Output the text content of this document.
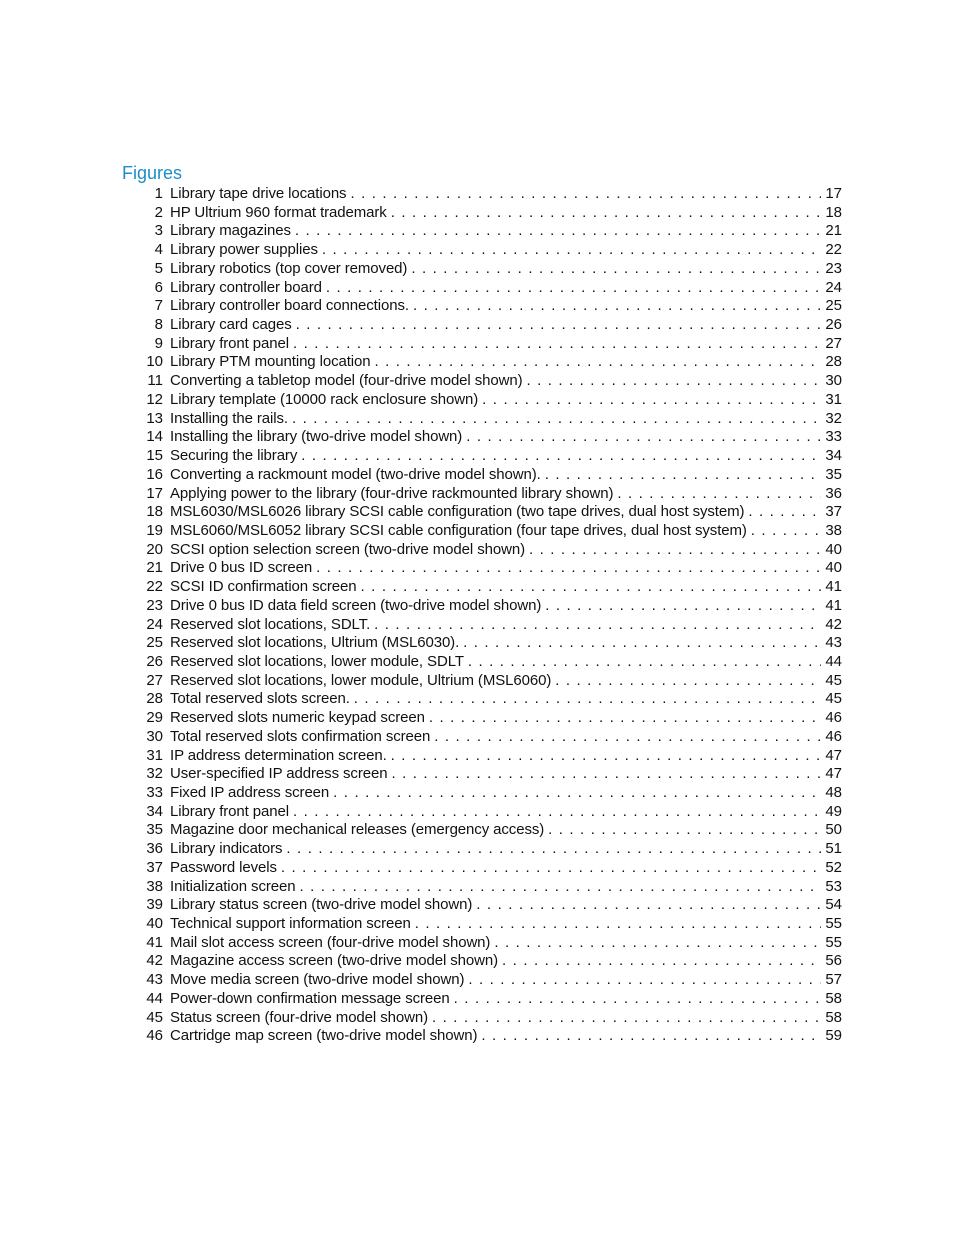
Figures
1 Library tape drive locations . . .	17
2 HP Ultrium 960 format trademark . . .	18
3 Library magazines . . .	21
4 Library power supplies . . .	22
5 Library robotics (top cover removed) . . .	23
6 Library controller board . . .	24
7 Library controller board connections. . . .	25
8 Library card cages . . .	26
9 Library front panel . . .	27
10 Library PTM mounting location . . .	28
11 Converting a tabletop model (four-drive model shown) . . .	30
12 Library template (10000 rack enclosure shown) . . .	31
13 Installing the rails. . . .	32
14 Installing the library (two-drive model shown) . . .	33
15 Securing the library . . .	34
16 Converting a rackmount model (two-drive model shown). . . .	35
17 Applying power to the library (four-drive rackmounted library shown) . . .	36
18 MSL6030/MSL6026 library SCSI cable configuration (two tape drives, dual host system) . . .	37
19 MSL6060/MSL6052 library SCSI cable configuration (four tape drives, dual host system) . . .	38
20 SCSI option selection screen (two-drive model shown) . . .	40
21 Drive 0 bus ID screen . . .	40
22 SCSI ID confirmation screen . . .	41
23 Drive 0 bus ID data field screen (two-drive model shown) . . .	41
24 Reserved slot locations, SDLT. . . .	42
25 Reserved slot locations, Ultrium (MSL6030). . . .	43
26 Reserved slot locations, lower module, SDLT . . .	44
27 Reserved slot locations, lower module, Ultrium (MSL6060) . . .	45
28 Total reserved slots screen. . . .	45
29 Reserved slots numeric keypad screen . . .	46
30 Total reserved slots confirmation screen . . .	46
31 IP address determination screen. . . .	47
32 User-specified IP address screen . . .	47
33 Fixed IP address screen . . .	48
34 Library front panel . . .	49
35 Magazine door mechanical releases (emergency access) . . .	50
36 Library indicators . . .	51
37 Password levels . . .	52
38 Initialization screen . . .	53
39 Library status screen (two-drive model shown) . . .	54
40 Technical support information screen . . .	55
41 Mail slot access screen (four-drive model shown) . . .	55
42 Magazine access screen (two-drive model shown) . . .	56
43 Move media screen (two-drive model shown) . . .	57
44 Power-down confirmation message screen . . .	58
45 Status screen (four-drive model shown) . . .	58
46 Cartridge map screen (two-drive model shown) . . .	59
